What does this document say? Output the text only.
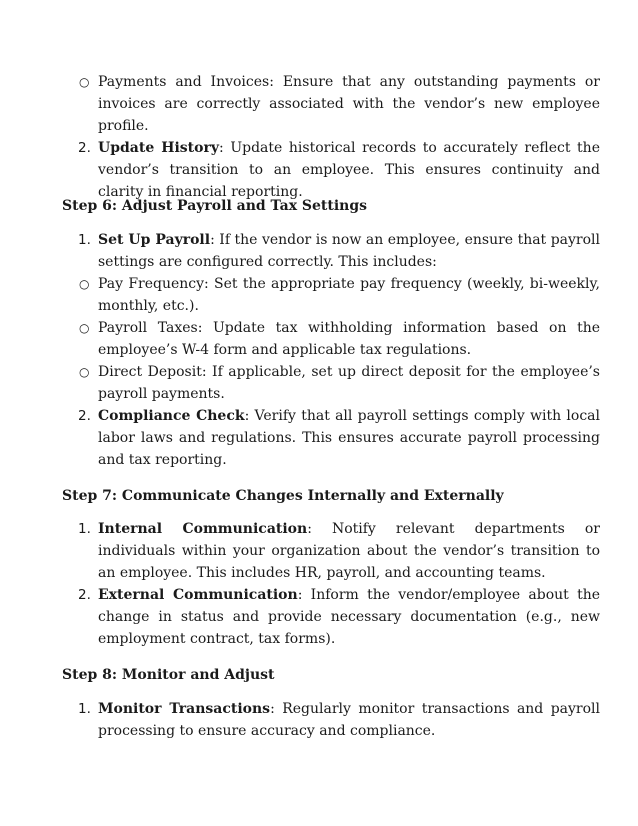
○ Payments and Invoices: Ensure that any outstanding payments or invoices are correctly associated with the vendor’s new employee profile.
2. Update History: Update historical records to accurately reflect the vendor’s transition to an employee. This ensures continuity and clarity in financial reporting.
Step 6: Adjust Payroll and Tax Settings
1. Set Up Payroll: If the vendor is now an employee, ensure that payroll settings are configured correctly. This includes:
○ Pay Frequency: Set the appropriate pay frequency (weekly, bi-weekly, monthly, etc.).
○ Payroll Taxes: Update tax withholding information based on the employee’s W-4 form and applicable tax regulations.
○ Direct Deposit: If applicable, set up direct deposit for the employee’s payroll payments.
2. Compliance Check: Verify that all payroll settings comply with local labor laws and regulations. This ensures accurate payroll processing and tax reporting.
Step 7: Communicate Changes Internally and Externally
1. Internal Communication: Notify relevant departments or individuals within your organization about the vendor’s transition to an employee. This includes HR, payroll, and accounting teams.
2. External Communication: Inform the vendor/employee about the change in status and provide necessary documentation (e.g., new employment contract, tax forms).
Step 8: Monitor and Adjust
1. Monitor Transactions: Regularly monitor transactions and payroll processing to ensure accuracy and compliance.
